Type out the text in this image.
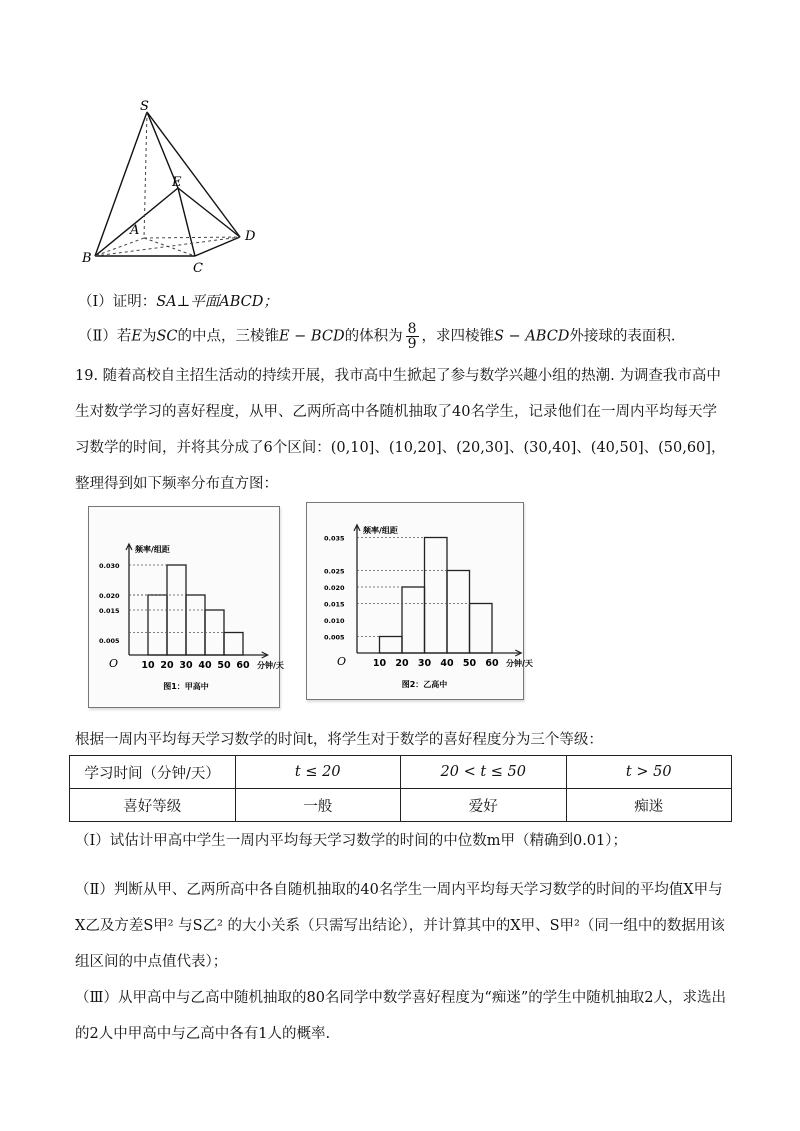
S
E
A	D
B
C
（Ⅰ）证明：SA⊥平面ABCD；
（Ⅱ）若E为SC的中点，三棱锥E − BCD的体积为 $\frac{8}{9}$ ，求四棱锥S − ABCD外接球的表面积.
19. 随着高校自主招生活动的持续开展，我市高中生掀起了参与数学兴趣小组的热潮. 为调查我市高中生对数学学习的喜好程度，从甲、乙两所高中各随机抽取了40名学生，记录他们在一周内平均每天学习数学的时间，并将其分成了6个区间：(0,10]、(10,20]、(20,30]、(30,40]、(40,50]、(50,60]，整理得到如下频率分布直方图：
频率/组距
O
0.005
0.015
0.020
0.030
10 20 30 40 50 60 分钟/天
图1：甲高中
频率/组距
O
0.005
0.010
0.015
0.020
0.025
0.035
10 20 30 40 50 60 分钟/天
图2：乙高中
根据一周内平均每天学习数学的时间t，将学生对于数学的喜好程度分为三个等级：
学习时间（分钟/天）	t ≤ 20	20 < t ≤ 50	t > 50
喜好等级	一般	爱好	痴迷
（Ⅰ）试估计甲高中学生一周内平均每天学习数学的时间的中位数m甲（精确到0.01）；
（Ⅱ）判断从甲、乙两所高中各自随机抽取的40名学生一周内平均每天学习数学的时间的平均值X甲与X乙及方差S甲² 与S乙² 的大小关系（只需写出结论），并计算其中的X甲、S甲²（同一组中的数据用该组区间的中点值代表）；
（Ⅲ）从甲高中与乙高中随机抽取的80名同学中数学喜好程度为“痴迷”的学生中随机抽取2人，求选出的2人中甲高中与乙高中各有1人的概率.
